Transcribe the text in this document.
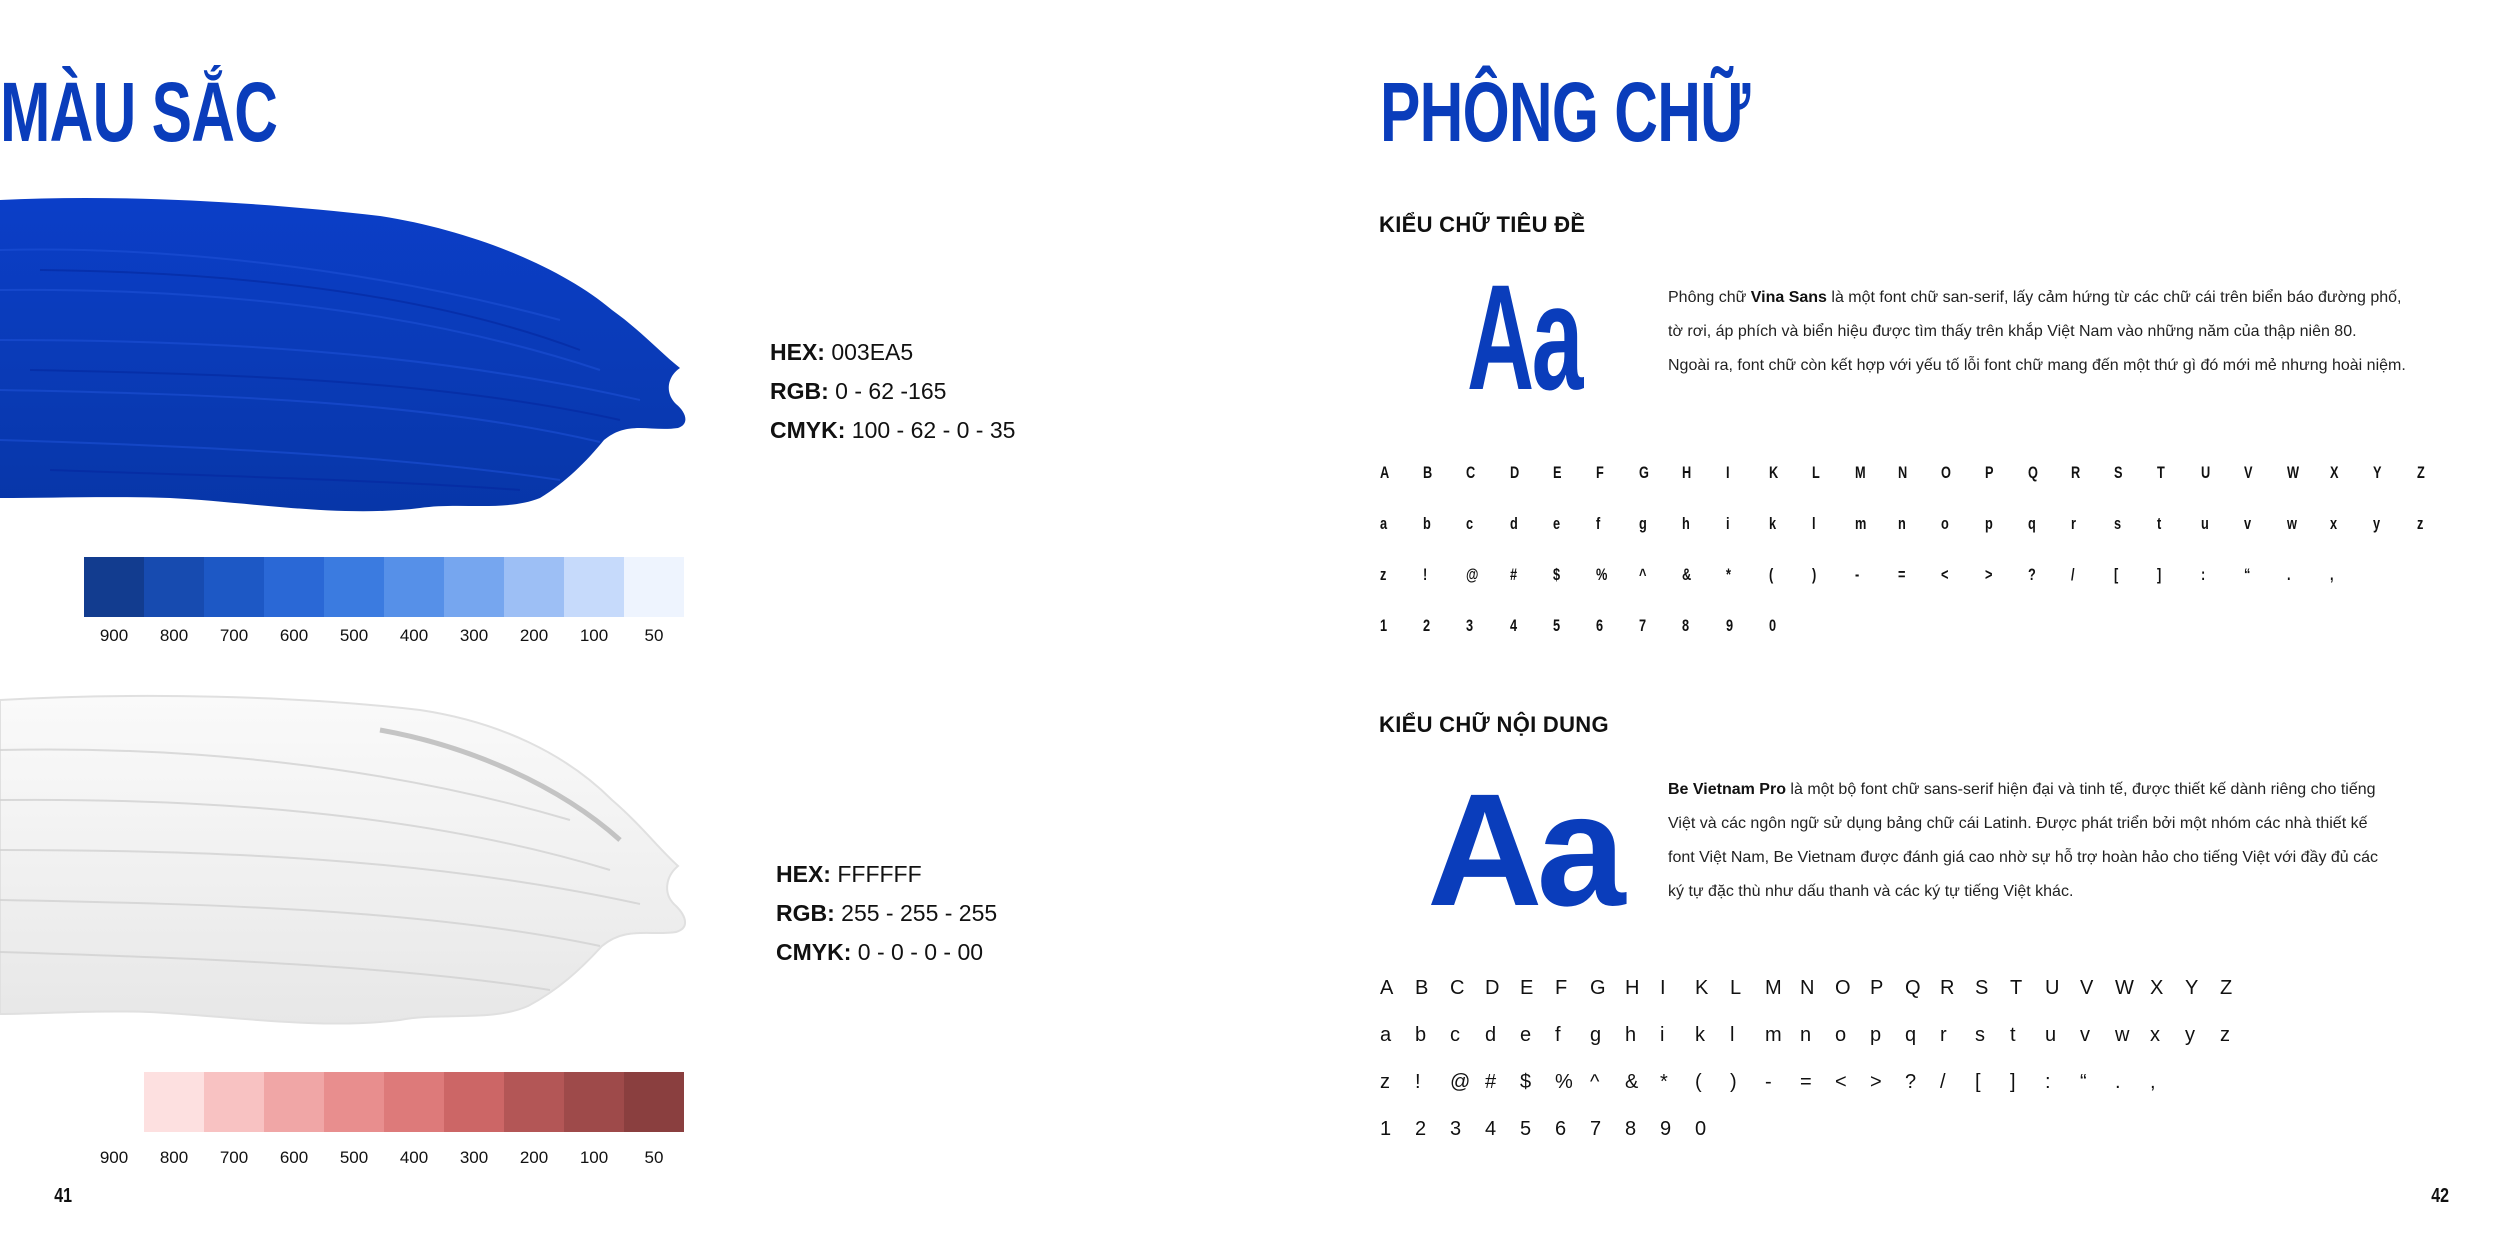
MÀU SẮC
HEX: 003EA5
RGB: 0 - 62 -165
CMYK: 100 - 62 - 0 - 35
900	800	700	600	500	400	300	200	100	50
HEX: FFFFFF
RGB: 255 - 255 - 255
CMYK: 0 - 0 - 0 - 00
900	800	700	600	500	400	300	200	100	50
41
PHÔNG CHỮ
KIỂU CHỮ TIÊU ĐỀ
Aa	Phông chữ Vina Sans là một font chữ san-serif, lấy cảm hứng từ các chữ cái trên biển báo đường phố,
tờ rơi, áp phích và biển hiệu được tìm thấy trên khắp Việt Nam vào những năm của thập niên 80.
Ngoài ra, font chữ còn kết hợp với yếu tố lỗi font chữ mang đến một thứ gì đó mới mẻ nhưng hoài niệm.

A	B	C	D	E	F	G	H	I	K	L	M	N	O	P	Q	R	S	T	U	V	W	X	Y	Z
a	b	c	d	e	f	g	h	i	k	l	m	n	o	p	q	r	s	t	u	v	w	x	y	z
z	!	@	#	$	%	^	&	*	(	)	-	=	<	>	?	/	[	]	:	“	.	,
1	2	3	4	5	6	7	8	9	0
KIỂU CHỮ NỘI DUNG
Aa	Be Vietnam Pro là một bộ font chữ sans-serif hiện đại và tinh tế, được thiết kế dành riêng cho tiếng
Việt và các ngôn ngữ sử dụng bảng chữ cái Latinh. Được phát triển bởi một nhóm các nhà thiết kế
font Việt Nam, Be Vietnam được đánh giá cao nhờ sự hỗ trợ hoàn hảo cho tiếng Việt với đầy đủ các
ký tự đặc thù như dấu thanh và các ký tự tiếng Việt khác.

A	B	C	D	E	F	G H	I	K	L	M N	O P	Q R	S	T	U	V	W X	Y	Z
a	b	c	d	e	f	g	h	i	k	l	m n	o	p	q	r	s	t	u	v	w	x	y	z
z	!	@ #	$	% ^	&	*	(	)	-	=	<	>	?	/	[	]	:	“	.	,
1	2	3	4	5	6	7	8	9	0
42
